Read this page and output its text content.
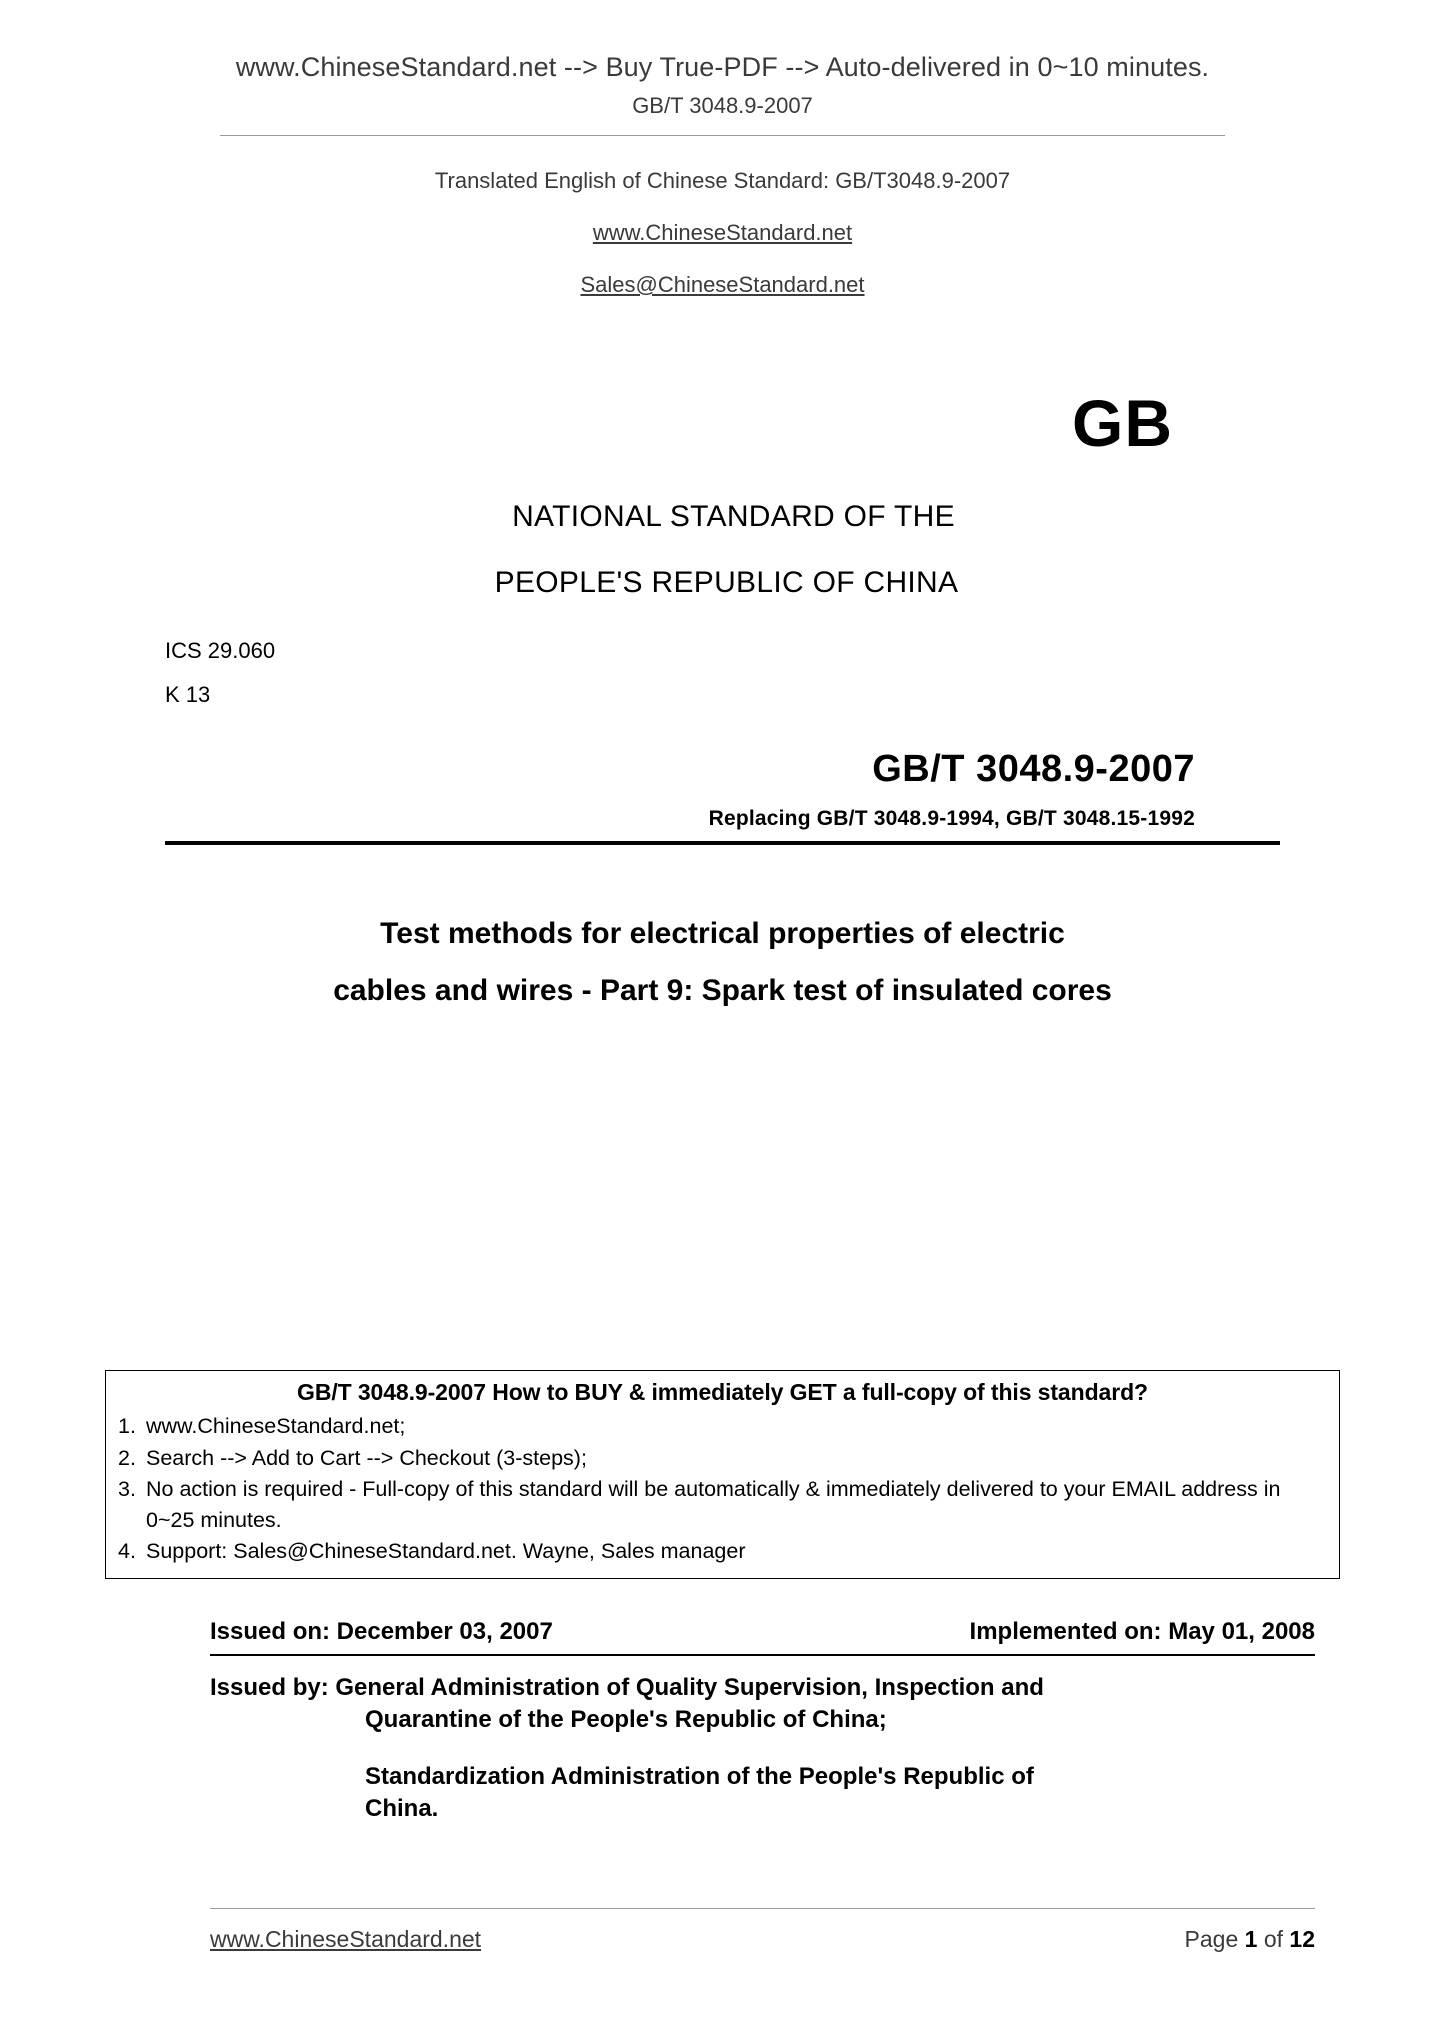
www.ChineseStandard.net --> Buy True-PDF --> Auto-delivered in 0~10 minutes.
GB/T 3048.9-2007
Translated English of Chinese Standard: GB/T3048.9-2007
www.ChineseStandard.net
Sales@ChineseStandard.net
GB
NATIONAL STANDARD OF THE
PEOPLE'S REPUBLIC OF CHINA
ICS 29.060
K 13
GB/T 3048.9-2007
Replacing GB/T 3048.9-1994, GB/T 3048.15-1992
Test methods for electrical properties of electric
cables and wires - Part 9: Spark test of insulated cores
GB/T 3048.9-2007 How to BUY & immediately GET a full-copy of this standard?
1. www.ChineseStandard.net;
2. Search --> Add to Cart --> Checkout (3-steps);
3. No action is required - Full-copy of this standard will be automatically & immediately delivered to your EMAIL address in 0~25 minutes.
4. Support: Sales@ChineseStandard.net. Wayne, Sales manager
Issued on: December 03, 2007	Implemented on: May 01, 2008
Issued by: General Administration of Quality Supervision, Inspection and
Quarantine of the People's Republic of China;
Standardization Administration of the People's Republic of
China.
www.ChineseStandard.net	Page 1 of 12
